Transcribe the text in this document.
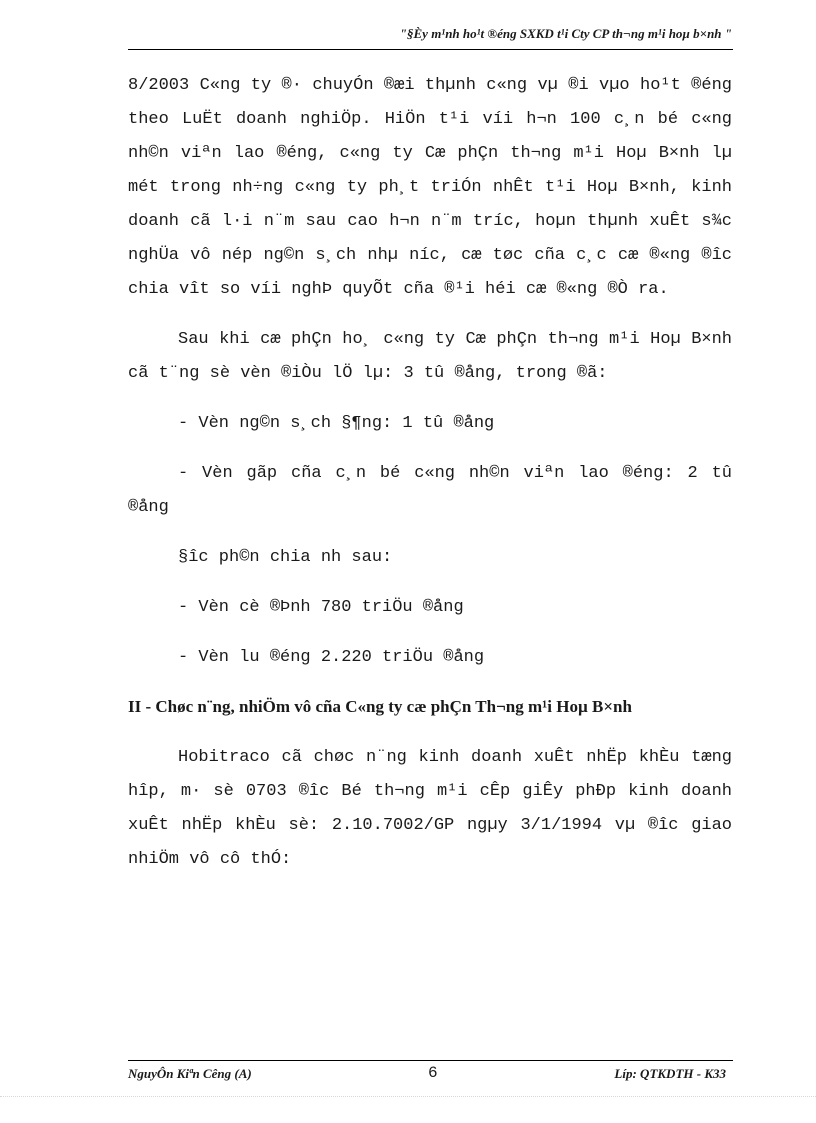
"§Èy m¹nh ho¹t ®éng SXKD t¹i Cty CP th¬ng m¹i hoµ b×nh "

8/2003 C«ng ty ®· chuyÓn ®æi thµnh c«ng vµ ®i vµo ho¹t ®éng theo LuËt doanh nghiÖp. HiÖn t¹i víi h¬n 100 c¸n bé c«ng nh©n viªn lao ®éng, c«ng ty Cæ phÇn th¬ng m¹i Hoµ B×nh lµ mét trong nh÷ng c«ng ty ph¸t triÓn nhÊt t¹i Hoµ B×nh, kinh doanh cã l·i n¨m sau cao h¬n n¨m tríc, hoµn thµnh xuÊt s¾c nghÜa vô nép ng©n s¸ch nhµ níc, cæ tøc cña c¸c cæ ®«ng ®îc chia vît so víi nghÞ quyÕt cña ®¹i héi cæ ®«ng ®Ò ra.

Sau khi cæ phÇn ho¸ c«ng ty Cæ phÇn th¬ng m¹i Hoµ B×nh cã t¨ng sè vèn ®iÒu lÖ lµ: 3 tû ®ång, trong ®ã:

- Vèn ng©n s¸ch §¶ng: 1 tû ®ång

- Vèn gãp cña c¸n bé c«ng nh©n viªn lao ®éng: 2 tû ®ång

§îc ph©n chia nh sau:

- Vèn cè ®Þnh 780 triÖu ®ång

- Vèn lu ®éng 2.220 triÖu ®ång

II - Chøc n¨ng, nhiÖm vô cña C«ng ty cæ phÇn Th¬ng m¹i Hoµ B×nh

Hobitraco cã chøc n¨ng kinh doanh xuÊt nhËp khÈu tæng hîp, m· sè 0703 ®îc Bé th¬ng m¹i cÊp giÊy phÐp kinh doanh xuÊt nhËp khÈu sè: 2.10.7002/GP ngµy 3/1/1994 vµ ®îc giao nhiÖm vô cô thÓ:

NguyÔn Kiªn Cêng (A)	6	Líp: QTKDTH - K33
